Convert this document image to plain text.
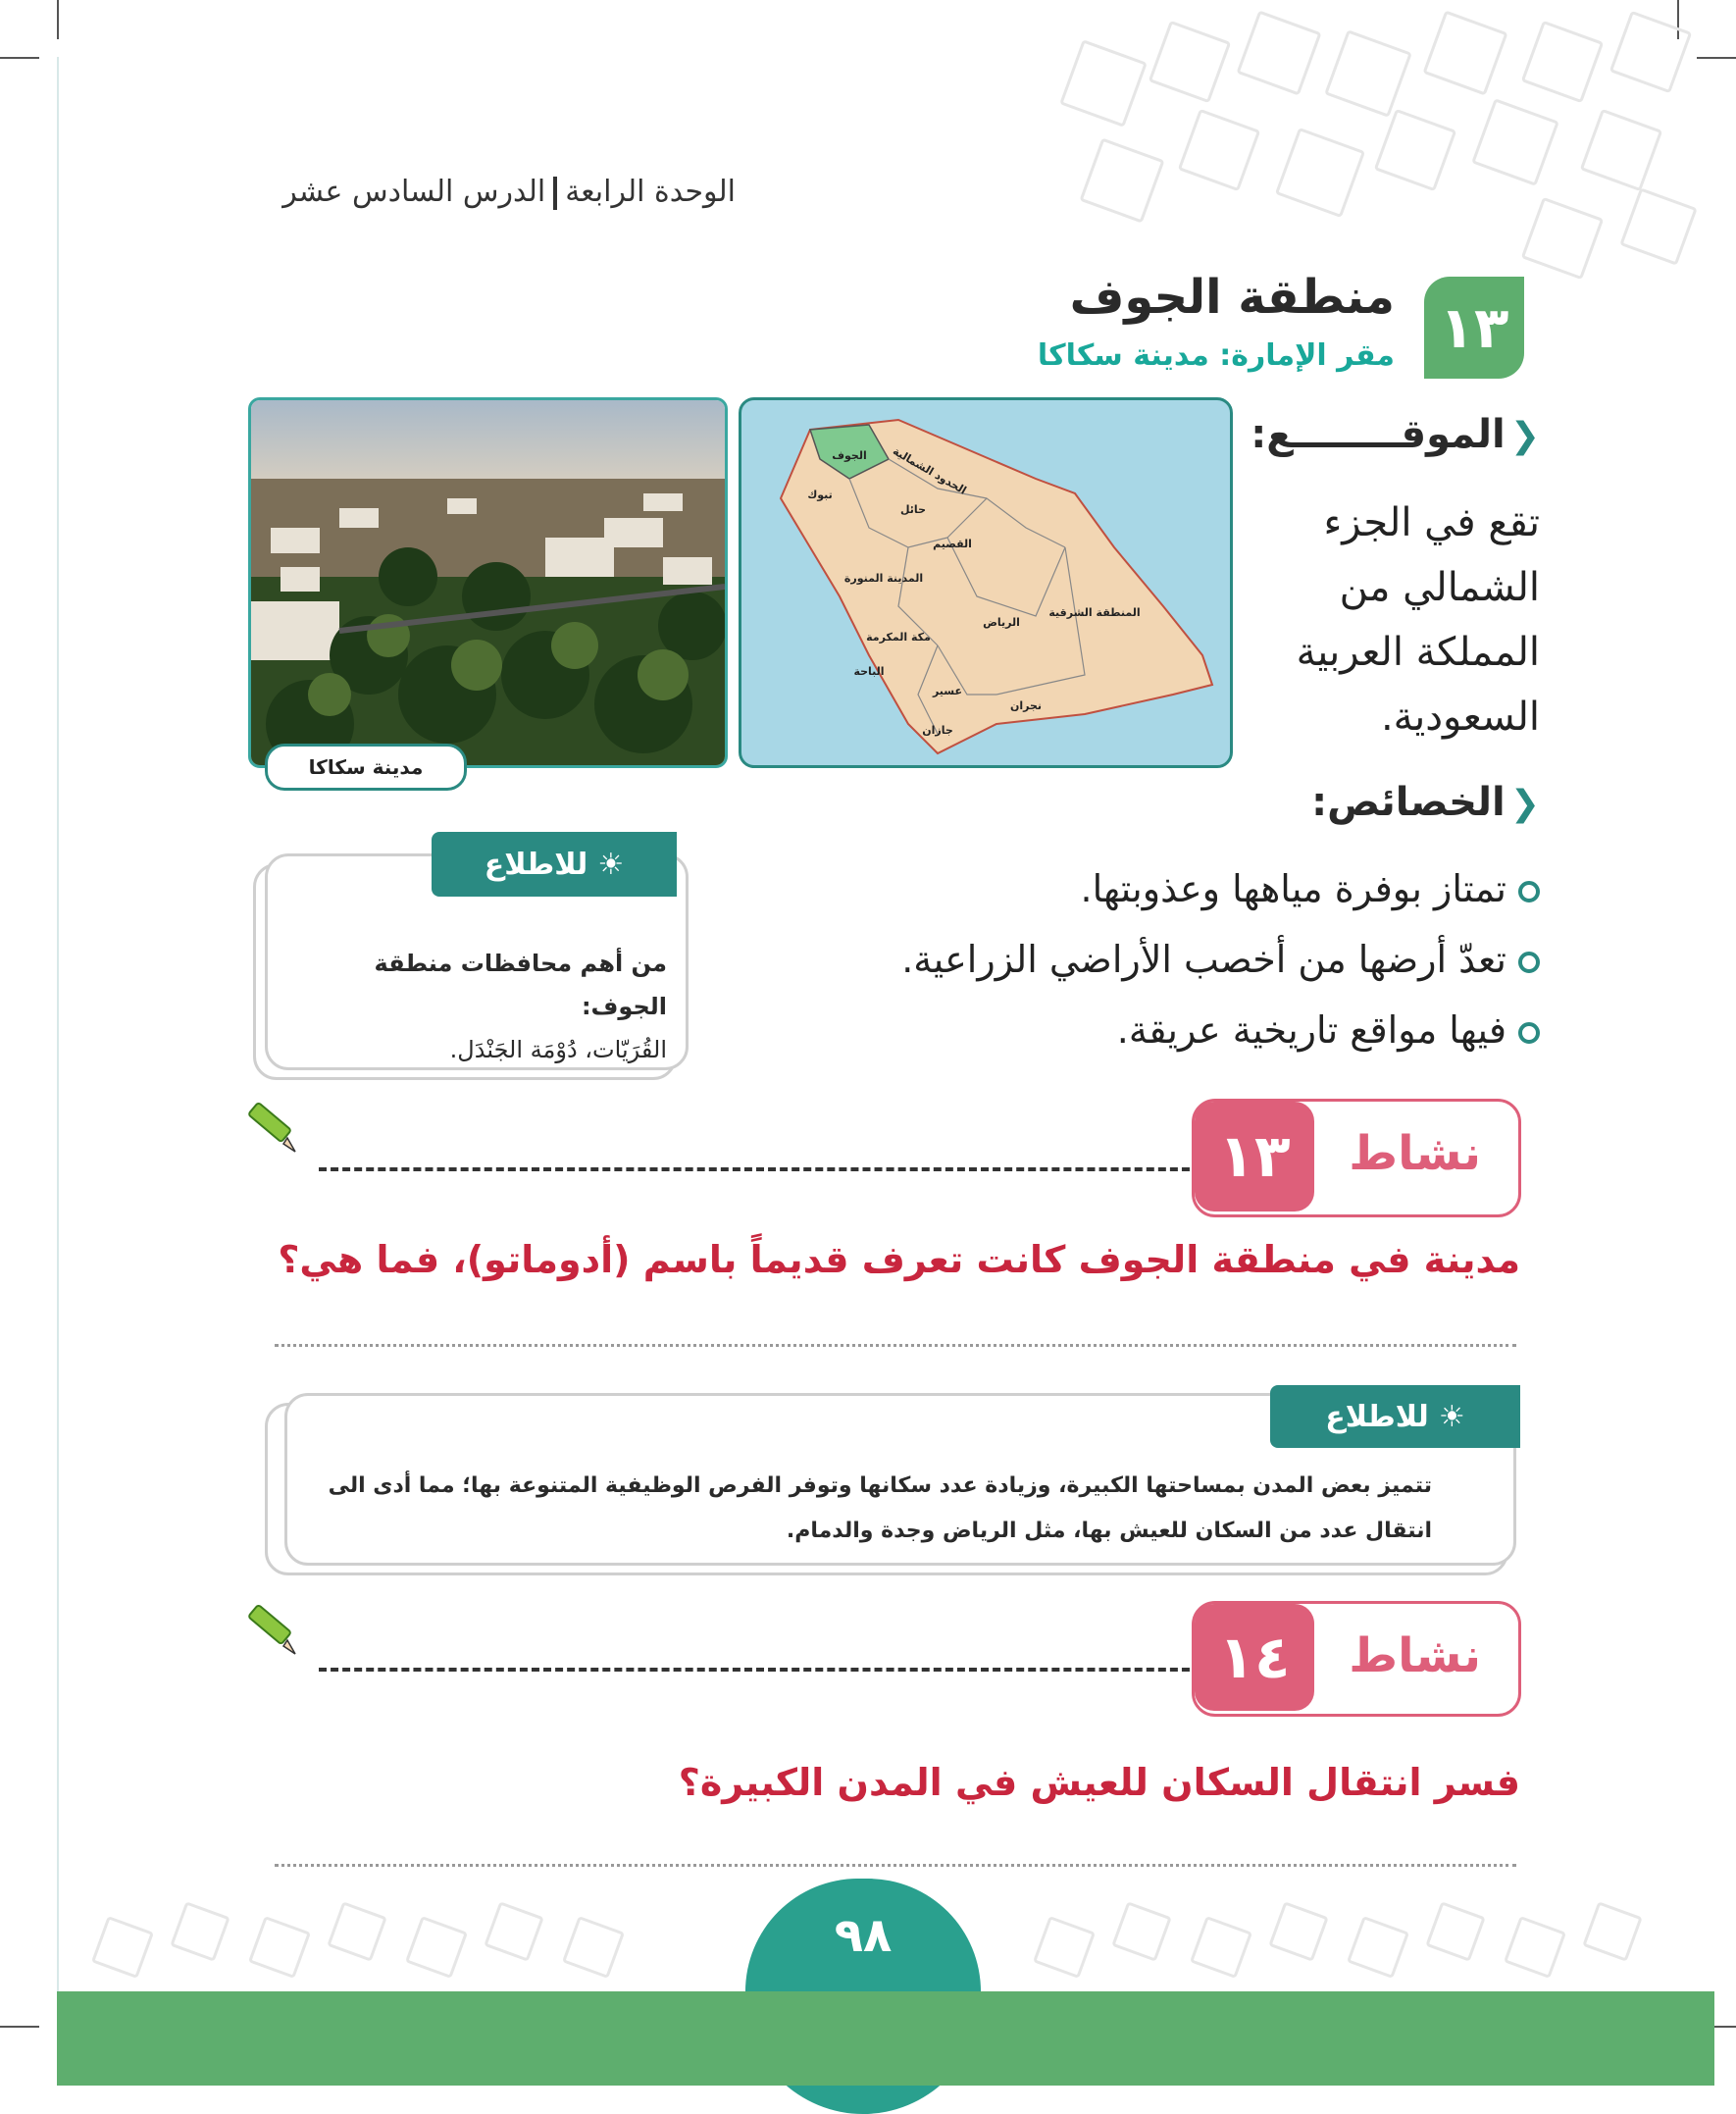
الوحدة الرابعةالدرس السادس عشر
١٣
منطقة الجوف
مقر الإمارة: مدينة سكاكا
مدينة سكاكا
الجوف الحدود الشمالية
تبوك
حائل
القصيم
المدينة المنورة
الرياض
المنطقة الشرقية
مكة المكرمة
الباحة
عسير
جازان
نجران
❮ الموقــــــــع:
تقع في الجزء الشمالي من المملكة العربية السعودية.
❮ الخصائص:
تمتاز بوفرة مياهها وعذوبتها.
تعدّ أرضها من أخصب الأراضي الزراعية.
فيها مواقع تاريخية عريقة.
للاطلاع ☀
من أهم محافظات منطقة الجوف:
القُرَيّات، دُوْمَة الجَنْدَل.
١٣	نشاط
مدينة في منطقة الجوف كانت تعرف قديماً باسم (أدوماتو)، فما هي؟
للاطلاع ☀
تتميز بعض المدن بمساحتها الكبيرة، وزيادة عدد سكانها وتوفر الفرص الوظيفية المتنوعة بها؛ مما أدى الى انتقال عدد من السكان للعيش بها، مثل الرياض وجدة والدمام.
١٤	نشاط
فسر انتقال السكان للعيش في المدن الكبيرة؟
٩٨
